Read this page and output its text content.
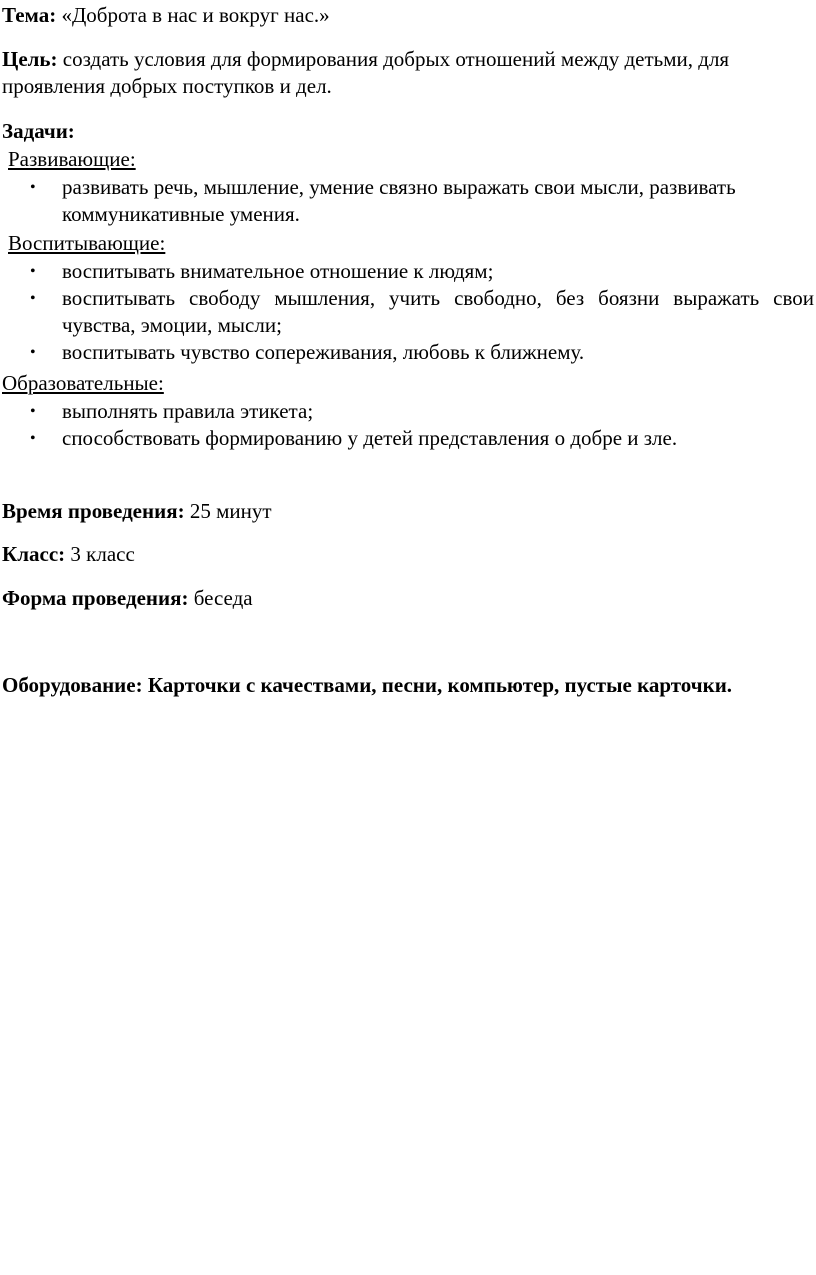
Тема: «Доброта в нас и вокруг нас.»

Цель: создать условия для формирования добрых отношений между детьми, для проявления добрых поступков и дел.

Задачи:

Развивающие:
• развивать речь, мышление, умение связно выражать свои мысли, развивать коммуникативные умения.
Воспитывающие:
• воспитывать внимательное отношение к людям;
• воспитывать свободу мышления, учить свободно, без боязни выражать свои чувства, эмоции, мысли;
• воспитывать чувство сопереживания, любовь к ближнему.
Образовательные:
• выполнять правила этикета;
• способствовать формированию у детей представления о добре и зле.

Время проведения: 25 минут

Класс: 3 класс

Форма проведения: беседа

Оборудование: Карточки с качествами, песни, компьютер, пустые карточки.
